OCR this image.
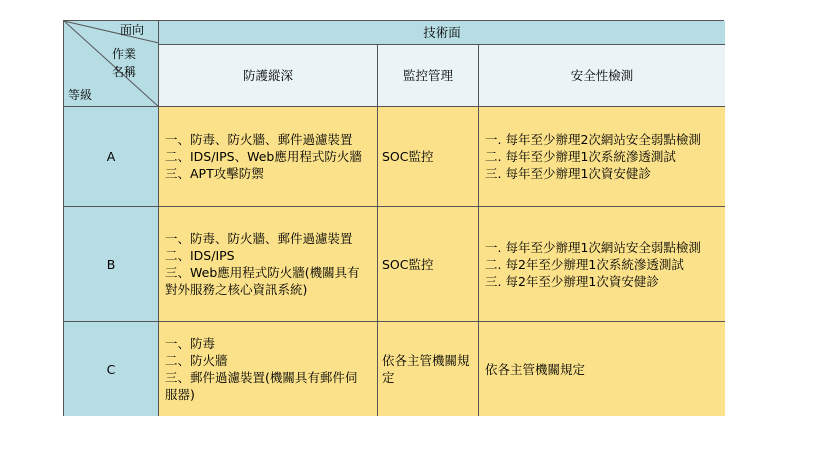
面向
作業
名稱
等級
技術面
防護縱深	監控管理	安全性檢測
A
一、防毒、防火牆、郵件過濾裝置
二、IDS/IPS、Web應用程式防火牆
三、APT攻擊防禦
SOC監控
一. 每年至少辦理2次網站安全弱點檢測
二. 每年至少辦理1次系統滲透測試
三. 每年至少辦理1次資安健診
B
一、防毒、防火牆、郵件過濾裝置
二、IDS/IPS
三、Web應用程式防火牆(機關具有對外服務之核心資訊系統)
SOC監控
一. 每年至少辦理1次網站安全弱點檢測
二. 每2年至少辦理1次系統滲透測試
三. 每2年至少辦理1次資安健診
C
一、防毒
二、防火牆
三、郵件過濾裝置(機關具有郵件伺服器)
依各主管機關規定
依各主管機關規定
